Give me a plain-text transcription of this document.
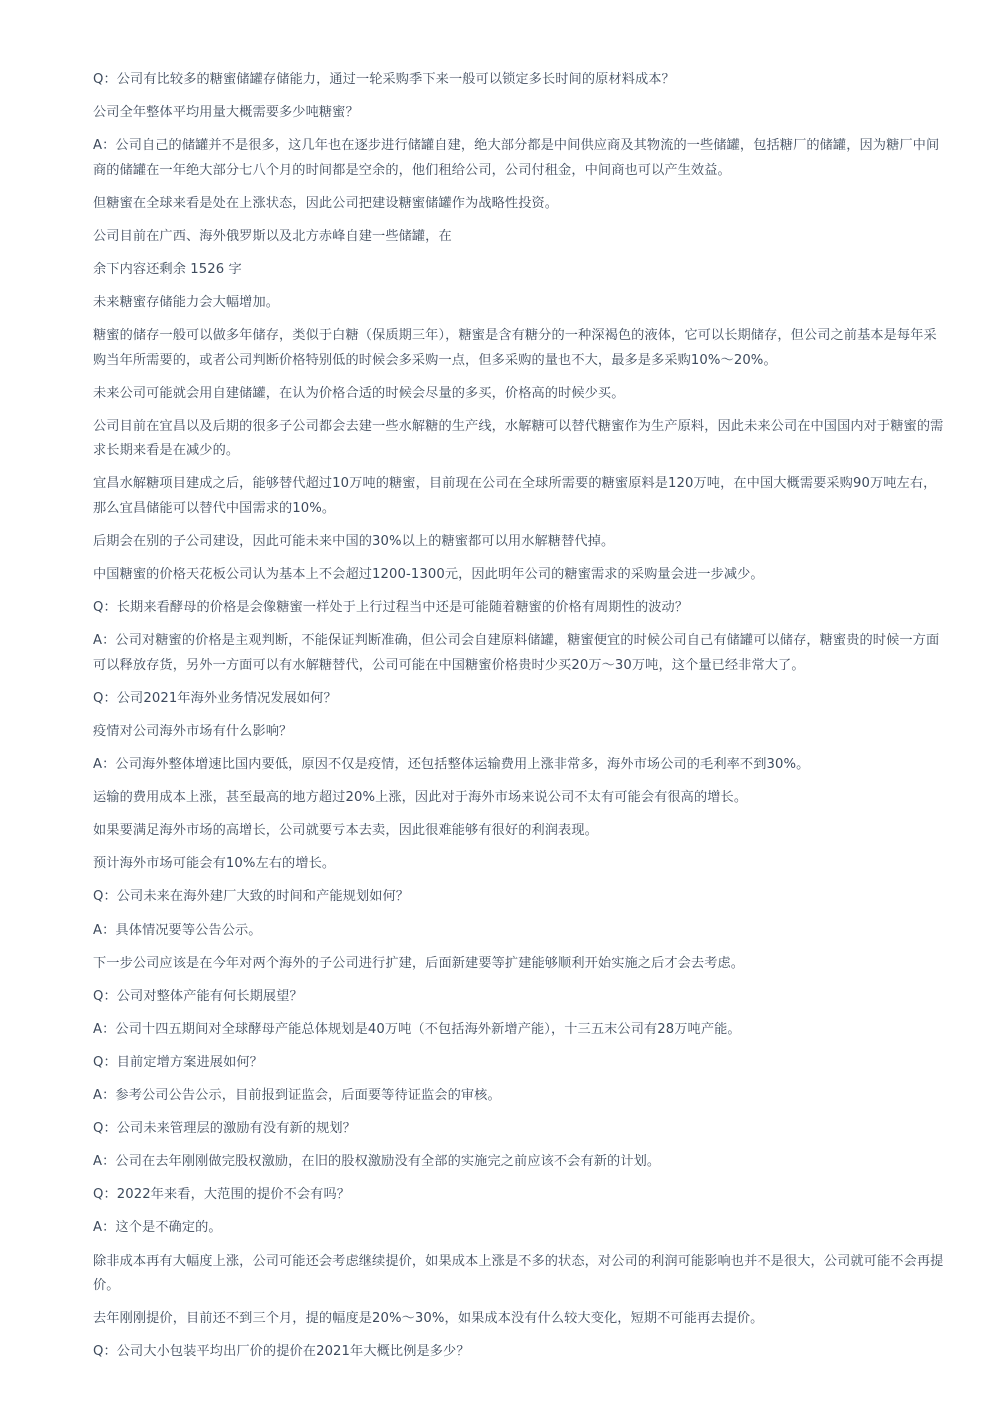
Q：公司有比较多的糖蜜储罐存储能力，通过一轮采购季下来一般可以锁定多长时间的原材料成本？

公司全年整体平均用量大概需要多少吨糖蜜？

A：公司自己的储罐并不是很多，这几年也在逐步进行储罐自建，绝大部分都是中间供应商及其物流的一些储罐，包括糖厂的储罐，因为糖厂中间商的储罐在一年绝大部分七八个月的时间都是空余的，他们租给公司，公司付租金，中间商也可以产生效益。

但糖蜜在全球来看是处在上涨状态，因此公司把建设糖蜜储罐作为战略性投资。

公司目前在广西、海外俄罗斯以及北方赤峰自建一些储罐，在

余下内容还剩余 1526 字

未来糖蜜存储能力会大幅增加。

糖蜜的储存一般可以做多年储存，类似于白糖（保质期三年），糖蜜是含有糖分的一种深褐色的液体，它可以长期储存，但公司之前基本是每年采购当年所需要的，或者公司判断价格特别低的时候会多采购一点，但多采购的量也不大，最多是多采购10%～20%。

未来公司可能就会用自建储罐，在认为价格合适的时候会尽量的多买，价格高的时候少买。

公司目前在宜昌以及后期的很多子公司都会去建一些水解糖的生产线，水解糖可以替代糖蜜作为生产原料，因此未来公司在中国国内对于糖蜜的需求长期来看是在减少的。

宜昌水解糖项目建成之后，能够替代超过10万吨的糖蜜，目前现在公司在全球所需要的糖蜜原料是120万吨，在中国大概需要采购90万吨左右，那么宜昌储能可以替代中国需求的10%。

后期会在别的子公司建设，因此可能未来中国的30%以上的糖蜜都可以用水解糖替代掉。

中国糖蜜的价格天花板公司认为基本上不会超过1200-1300元，因此明年公司的糖蜜需求的采购量会进一步减少。

Q：长期来看酵母的价格是会像糖蜜一样处于上行过程当中还是可能随着糖蜜的价格有周期性的波动？

A：公司对糖蜜的价格是主观判断，不能保证判断准确，但公司会自建原料储罐，糖蜜便宜的时候公司自己有储罐可以储存，糖蜜贵的时候一方面可以释放存货，另外一方面可以有水解糖替代，公司可能在中国糖蜜价格贵时少买20万～30万吨，这个量已经非常大了。

Q：公司2021年海外业务情况发展如何？

疫情对公司海外市场有什么影响？

A：公司海外整体增速比国内要低，原因不仅是疫情，还包括整体运输费用上涨非常多，海外市场公司的毛利率不到30%。

运输的费用成本上涨，甚至最高的地方超过20%上涨，因此对于海外市场来说公司不太有可能会有很高的增长。

如果要满足海外市场的高增长，公司就要亏本去卖，因此很难能够有很好的利润表现。

预计海外市场可能会有10%左右的增长。

Q：公司未来在海外建厂大致的时间和产能规划如何？

A：具体情况要等公告公示。

下一步公司应该是在今年对两个海外的子公司进行扩建，后面新建要等扩建能够顺利开始实施之后才会去考虑。

Q：公司对整体产能有何长期展望？

A：公司十四五期间对全球酵母产能总体规划是40万吨（不包括海外新增产能），十三五末公司有28万吨产能。

Q：目前定增方案进展如何？

A：参考公司公告公示，目前报到证监会，后面要等待证监会的审核。

Q：公司未来管理层的激励有没有新的规划？

A：公司在去年刚刚做完股权激励，在旧的股权激励没有全部的实施完之前应该不会有新的计划。

Q：2022年来看，大范围的提价不会有吗？

A：这个是不确定的。

除非成本再有大幅度上涨，公司可能还会考虑继续提价，如果成本上涨是不多的状态，对公司的利润可能影响也并不是很大，公司就可能不会再提价。

去年刚刚提价，目前还不到三个月，提的幅度是20%～30%，如果成本没有什么较大变化，短期不可能再去提价。

Q：公司大小包装平均出厂价的提价在2021年大概比例是多少？
